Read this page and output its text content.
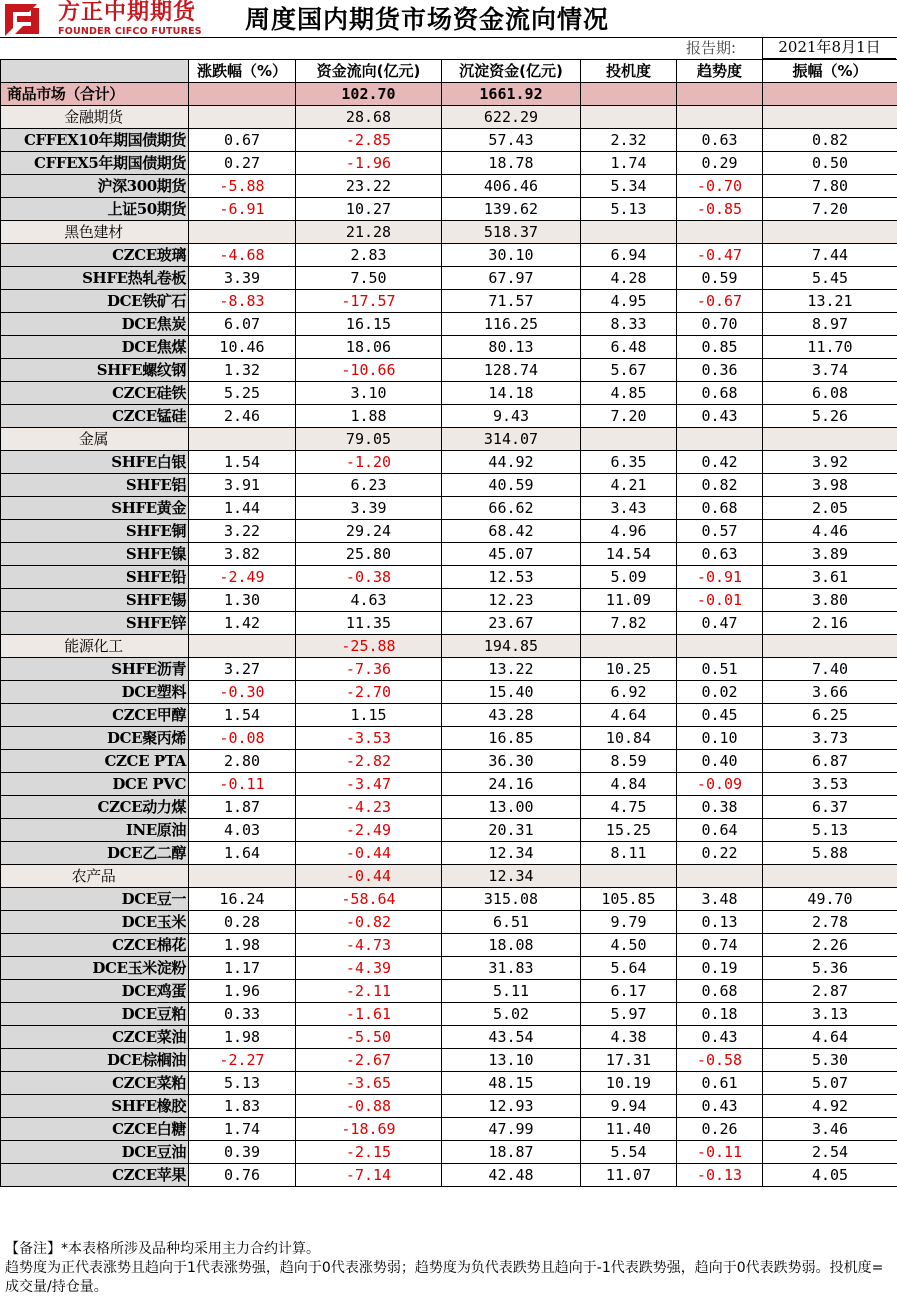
方正中期期货
FOUNDER CIFCO FUTURES 周度国内期货市场资金流向情况
报告期:	2021年8月1日
	涨跌幅（%）	资金流向(亿元)	沉淀资金(亿元)	投机度	趋势度	振幅（%）
商品市场（合计）		102.70	1661.92			
金融期货		28.68	622.29			
CFFEX10年期国债期货	0.67	-2.85	57.43	2.32	0.63	0.82
CFFEX5年期国债期货	0.27	-1.96	18.78	1.74	0.29	0.50
沪深300期货	-5.88	23.22	406.46	5.34	-0.70	7.80
上证50期货	-6.91	10.27	139.62	5.13	-0.85	7.20
黑色建材		21.28	518.37			
CZCE玻璃	-4.68	2.83	30.10	6.94	-0.47	7.44
SHFE热轧卷板	3.39	7.50	67.97	4.28	0.59	5.45
DCE铁矿石	-8.83	-17.57	71.57	4.95	-0.67	13.21
DCE焦炭	6.07	16.15	116.25	8.33	0.70	8.97
DCE焦煤	10.46	18.06	80.13	6.48	0.85	11.70
SHFE螺纹钢	1.32	-10.66	128.74	5.67	0.36	3.74
CZCE硅铁	5.25	3.10	14.18	4.85	0.68	6.08
CZCE锰硅	2.46	1.88	9.43	7.20	0.43	5.26
金属		79.05	314.07			
SHFE白银	1.54	-1.20	44.92	6.35	0.42	3.92
SHFE铝	3.91	6.23	40.59	4.21	0.82	3.98
SHFE黄金	1.44	3.39	66.62	3.43	0.68	2.05
SHFE铜	3.22	29.24	68.42	4.96	0.57	4.46
SHFE镍	3.82	25.80	45.07	14.54	0.63	3.89
SHFE铅	-2.49	-0.38	12.53	5.09	-0.91	3.61
SHFE锡	1.30	4.63	12.23	11.09	-0.01	3.80
SHFE锌	1.42	11.35	23.67	7.82	0.47	2.16
能源化工		-25.88	194.85			
SHFE沥青	3.27	-7.36	13.22	10.25	0.51	7.40
DCE塑料	-0.30	-2.70	15.40	6.92	0.02	3.66
CZCE甲醇	1.54	1.15	43.28	4.64	0.45	6.25
DCE聚丙烯	-0.08	-3.53	16.85	10.84	0.10	3.73
CZCE PTA	2.80	-2.82	36.30	8.59	0.40	6.87
DCE PVC	-0.11	-3.47	24.16	4.84	-0.09	3.53
CZCE动力煤	1.87	-4.23	13.00	4.75	0.38	6.37
INE原油	4.03	-2.49	20.31	15.25	0.64	5.13
DCE乙二醇	1.64	-0.44	12.34	8.11	0.22	5.88
农产品		-0.44	12.34			
DCE豆一	16.24	-58.64	315.08	105.85	3.48	49.70
DCE玉米	0.28	-0.82	6.51	9.79	0.13	2.78
CZCE棉花	1.98	-4.73	18.08	4.50	0.74	2.26
DCE玉米淀粉	1.17	-4.39	31.83	5.64	0.19	5.36
DCE鸡蛋	1.96	-2.11	5.11	6.17	0.68	2.87
DCE豆粕	0.33	-1.61	5.02	5.97	0.18	3.13
CZCE菜油	1.98	-5.50	43.54	4.38	0.43	4.64
DCE棕榈油	-2.27	-2.67	13.10	17.31	-0.58	5.30
CZCE菜粕	5.13	-3.65	48.15	10.19	0.61	5.07
SHFE橡胶	1.83	-0.88	12.93	9.94	0.43	4.92
CZCE白糖	1.74	-18.69	47.99	11.40	0.26	3.46
DCE豆油	0.39	-2.15	18.87	5.54	-0.11	2.54
CZCE苹果	0.76	-7.14	42.48	11.07	-0.13	4.05
【备注】*本表格所涉及品种均采用主力合约计算。
趋势度为正代表涨势且趋向于1代表涨势强，趋向于0代表涨势弱；趋势度为负代表跌势且趋向于-1代表跌势强，趋向于0代表跌势弱。投机度=成交量/持仓量。
